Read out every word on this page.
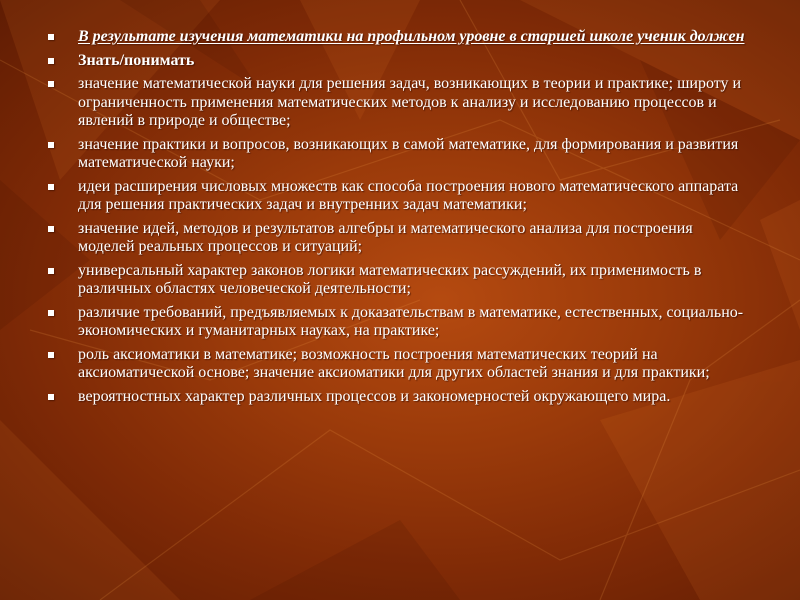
В результате изучения математики на профильном уровне в старшей школе ученик должен
Знать/понимать
значение математической науки для решения задач, возникающих в теории и практике; широту и ограниченность применения математических методов к анализу и исследованию процессов и явлений в природе и обществе;
значение практики и вопросов, возникающих в самой математике, для формирования и развития математической науки;
идеи расширения числовых множеств как способа построения нового математического аппарата для решения практических задач и внутренних задач математики;
значение идей, методов и результатов алгебры и математического анализа для построения моделей реальных процессов и ситуаций;
универсальный характер законов логики математических рассуждений, их применимость в различных областях человеческой деятельности;
различие требований, предъявляемых к доказательствам в математике, естественных, социально-экономических и гуманитарных науках, на практике;
роль аксиоматики в математике; возможность построения математических теорий на аксиоматической основе; значение аксиоматики для других областей знания и для практики;
вероятностных характер различных процессов и закономерностей окружающего мира.
